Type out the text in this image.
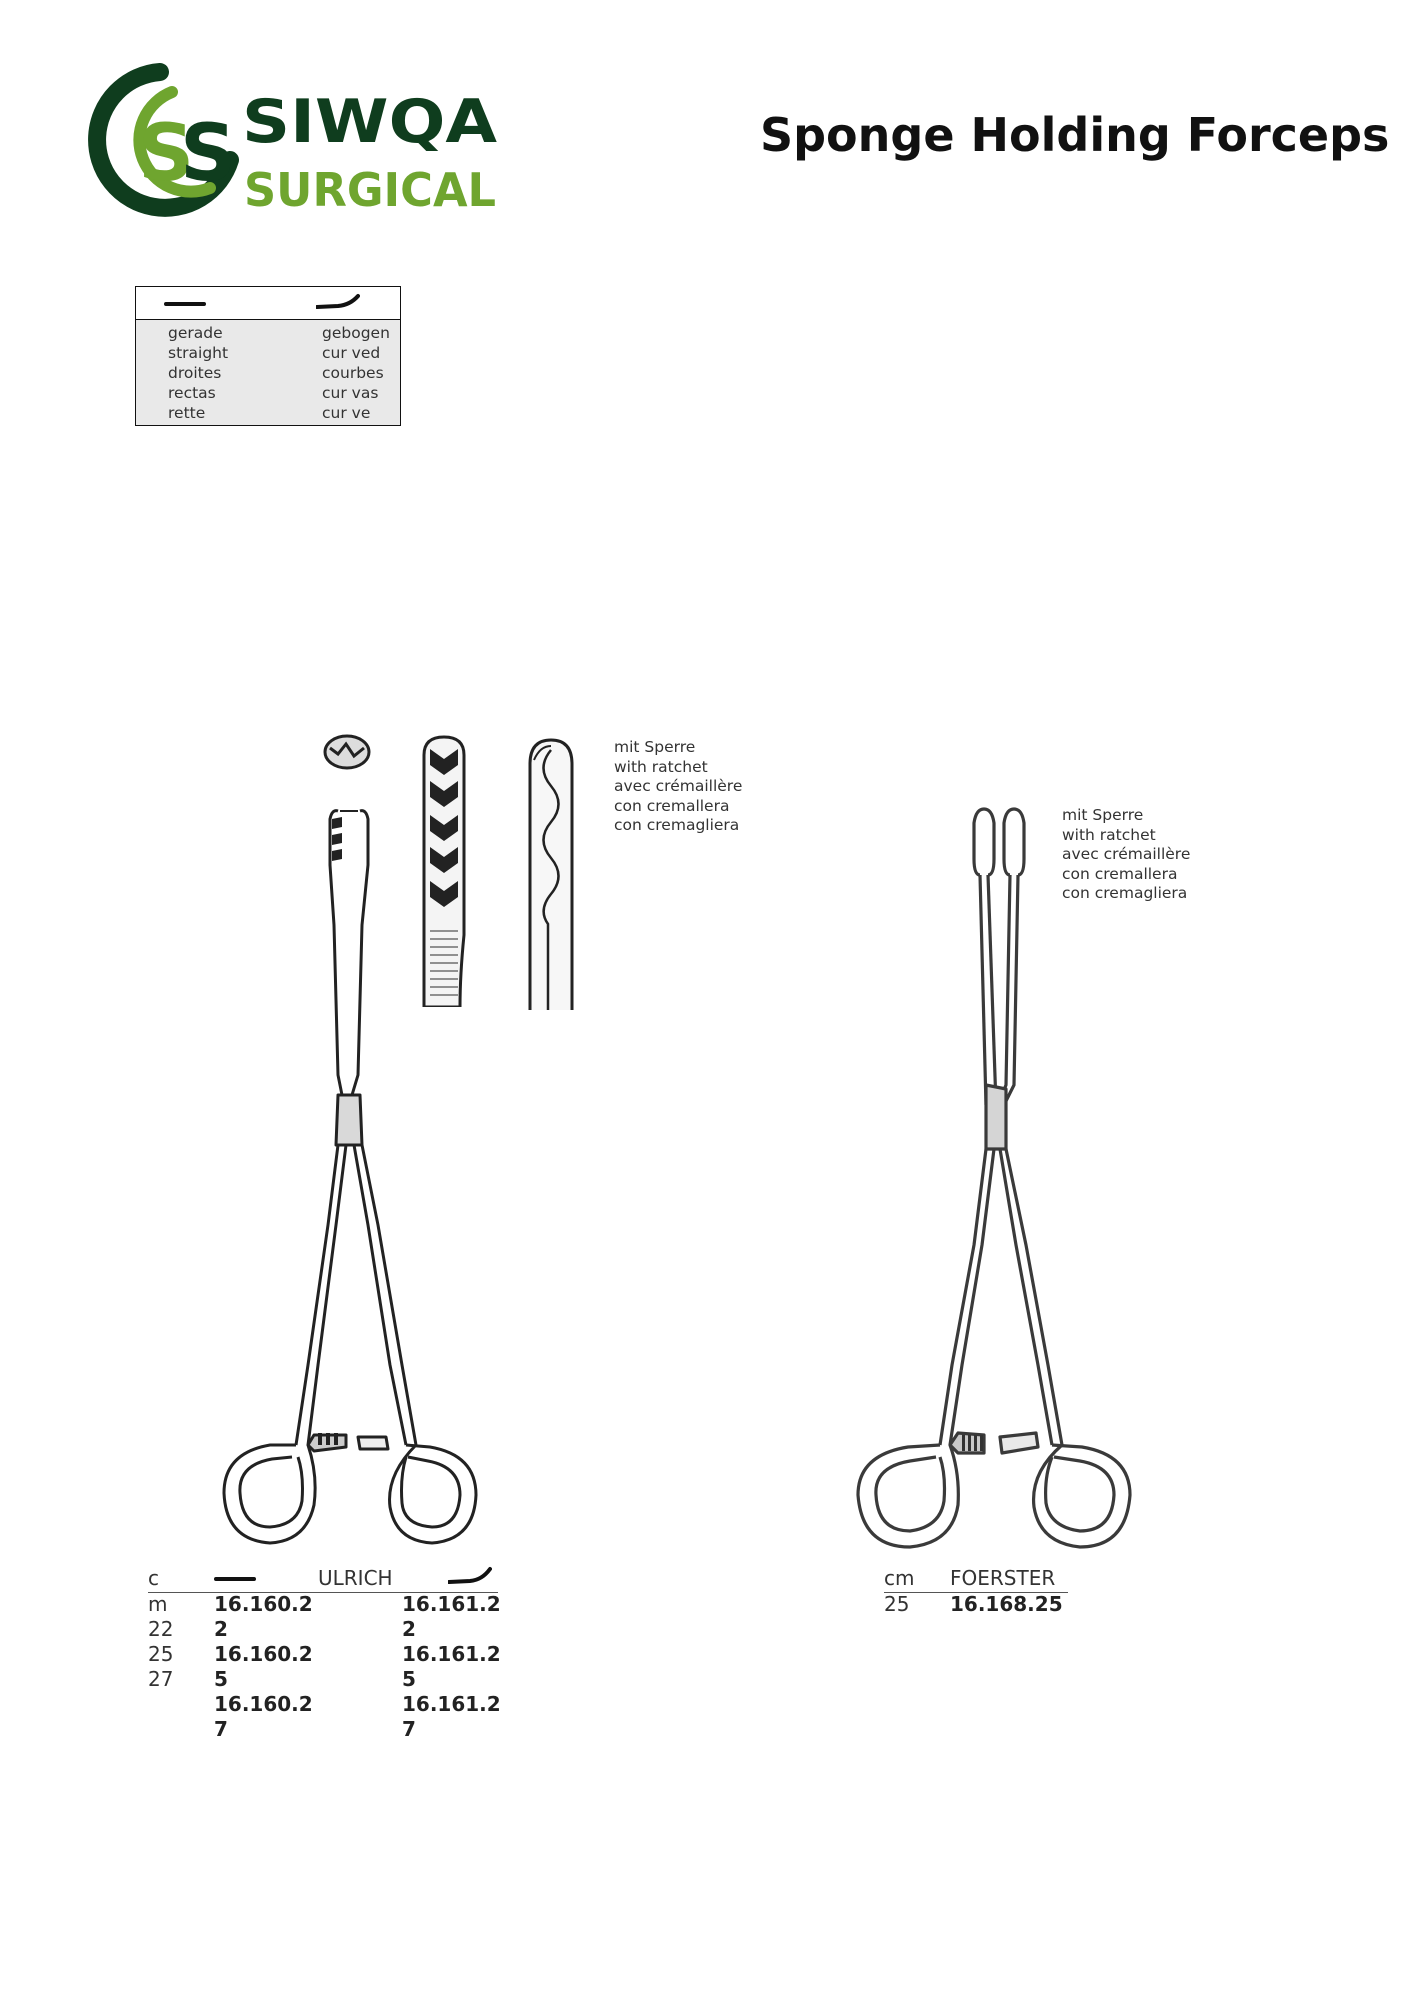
S
S SIWQA
SURGICAL
Sponge Holding Forceps
gerade
straight
droites
rectas
rette
gebogen
cur ved
courbes
cur vas
cur ve
mit Sperre
with ratchet
avec crémaillère
con cremallera
con cremagliera
mit Sperre
with ratchet
avec crémaillère
con cremallera
con cremagliera
c	ULRICH
m
22
25
27
16.160.2
2
16.160.2
5
16.160.2
7
16.161.2
2
16.161.2
5
16.161.2
7
cm FOERSTER
25 16.168.25
